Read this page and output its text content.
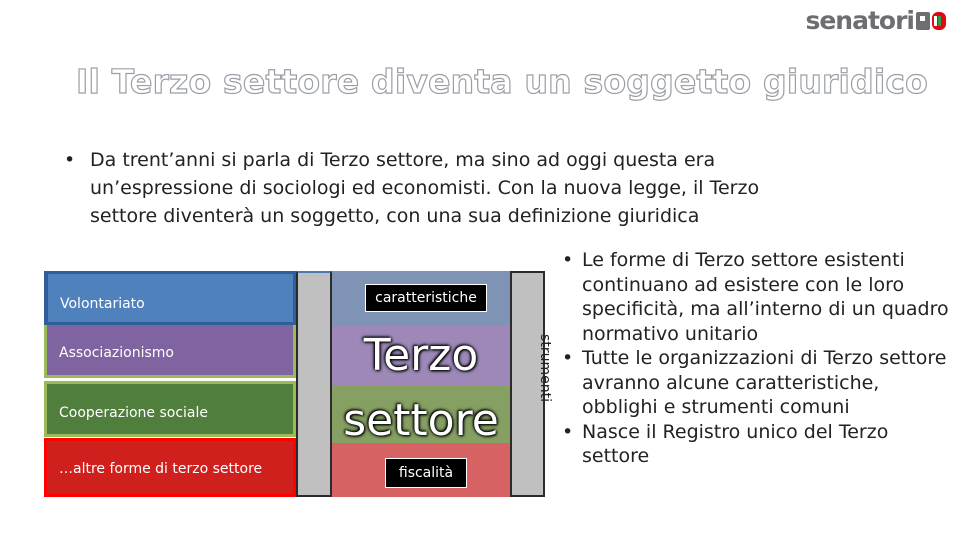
senatori
Il Terzo settore diventa un soggetto giuridico
• Da trent’anni si parla di Terzo settore, ma sino ad oggi questa era un’espressione di sociologi ed economisti. Con la nuova legge, il Terzo settore diventerà un soggetto, con una sua definizione giuridica
Volontariato
Associazionismo
Cooperazione sociale
…altre forme di terzo settore
caratteristiche
Terzo
settore
fiscalità
strumenti
• Le forme di Terzo settore esistenti continuano ad esistere con le loro specificità, ma all’interno di un quadro normativo unitario
• Tutte le organizzazioni di Terzo settore avranno alcune caratteristiche, obblighi e strumenti comuni
• Nasce il Registro unico del Terzo settore
